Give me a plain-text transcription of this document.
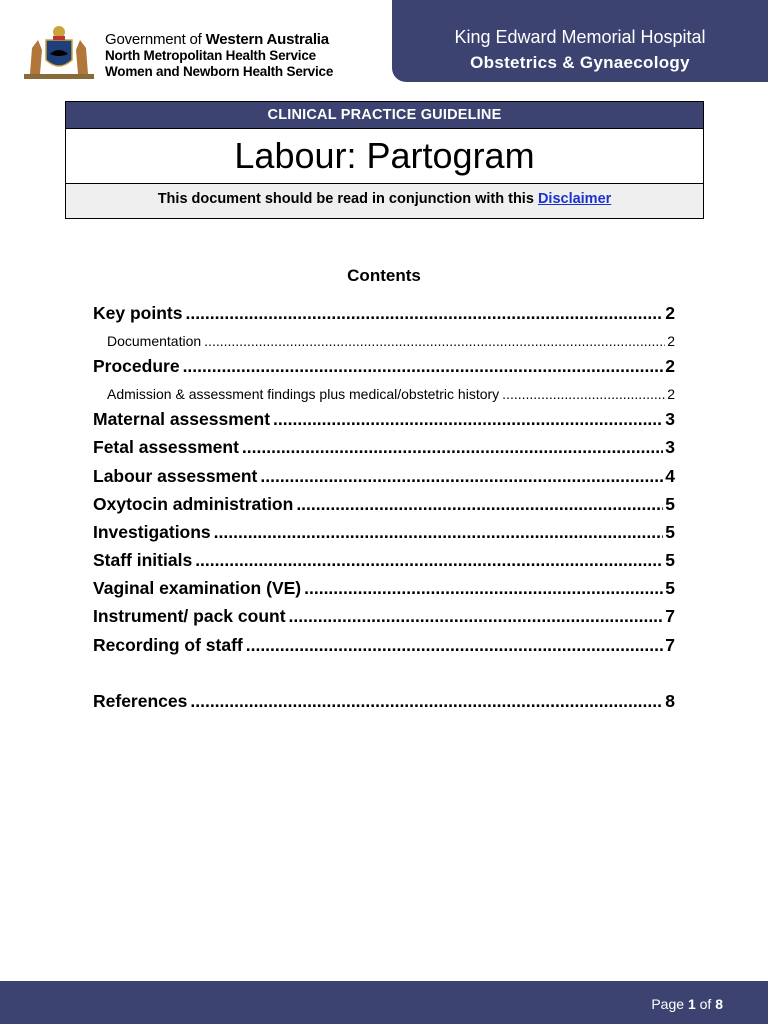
Government of Western Australia
North Metropolitan Health Service
Women and Newborn Health Service
King Edward Memorial Hospital
Obstetrics & Gynaecology
CLINICAL PRACTICE GUIDELINE
Labour: Partogram
This document should be read in conjunction with this Disclaimer
Contents
Key points .....	2
Documentation .....	2
Procedure .....	2
Admission & assessment findings plus medical/obstetric history .....	2
Maternal assessment .....	3
Fetal assessment .....	3
Labour assessment .....	4
Oxytocin administration .....	5
Investigations .....	5
Staff initials .....	5
Vaginal examination (VE) .....	5
Instrument/ pack count .....	7
Recording of staff .....	7
References .....	8
Page 1 of 8
